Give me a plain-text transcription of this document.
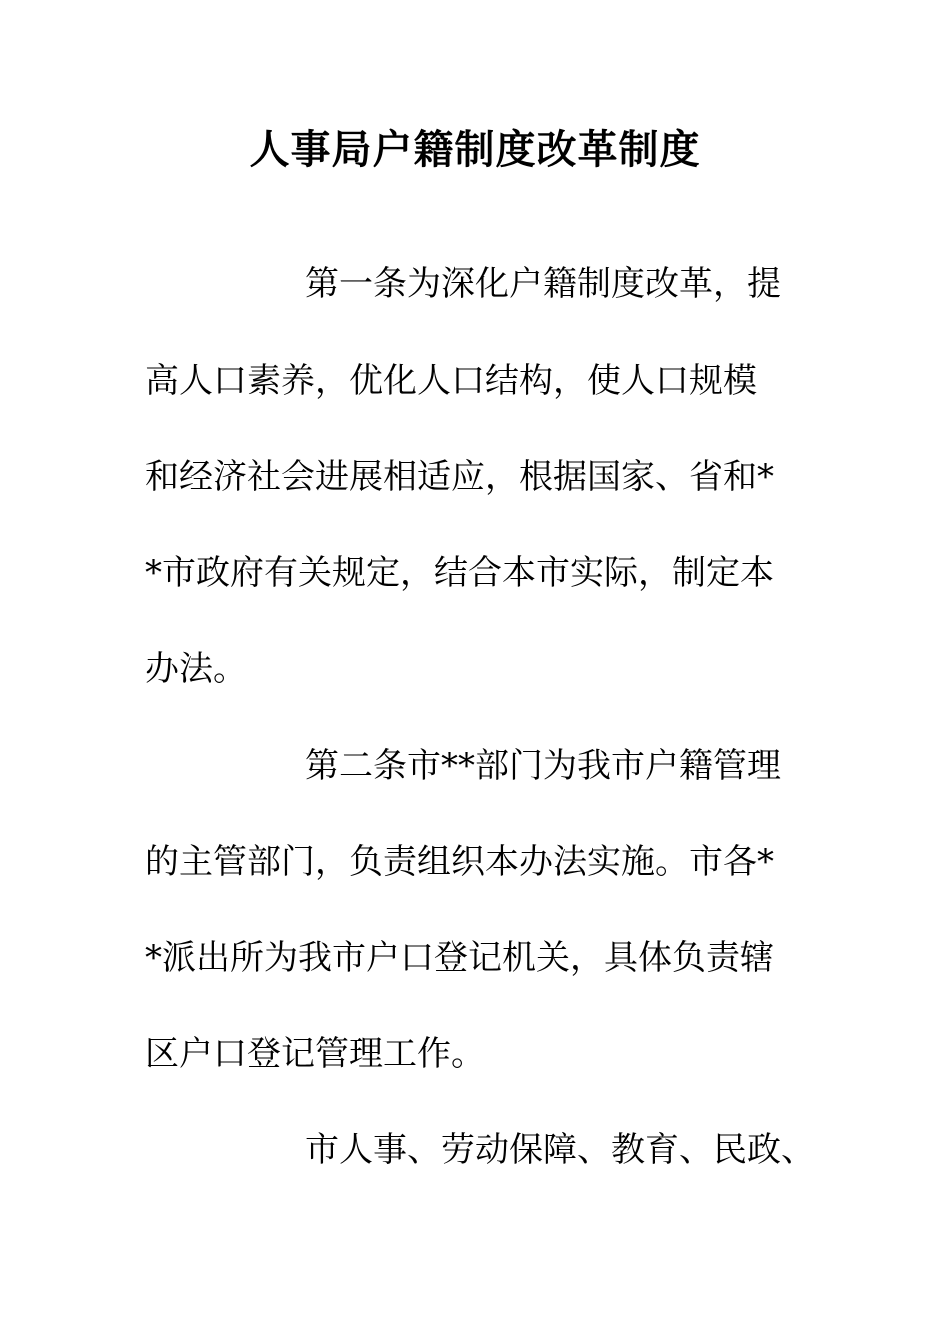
人事局户籍制度改革制度

第一条为深化户籍制度改革，提

高人口素养，优化人口结构，使人口规模

和经济社会进展相适应，根据国家、省和*

*市政府有关规定，结合本市实际，制定本

办法。

第二条市**部门为我市户籍管理

的主管部门，负责组织本办法实施。市各*

*派出所为我市户口登记机关，具体负责辖

区户口登记管理工作。

市人事、劳动保障、教育、民政、
